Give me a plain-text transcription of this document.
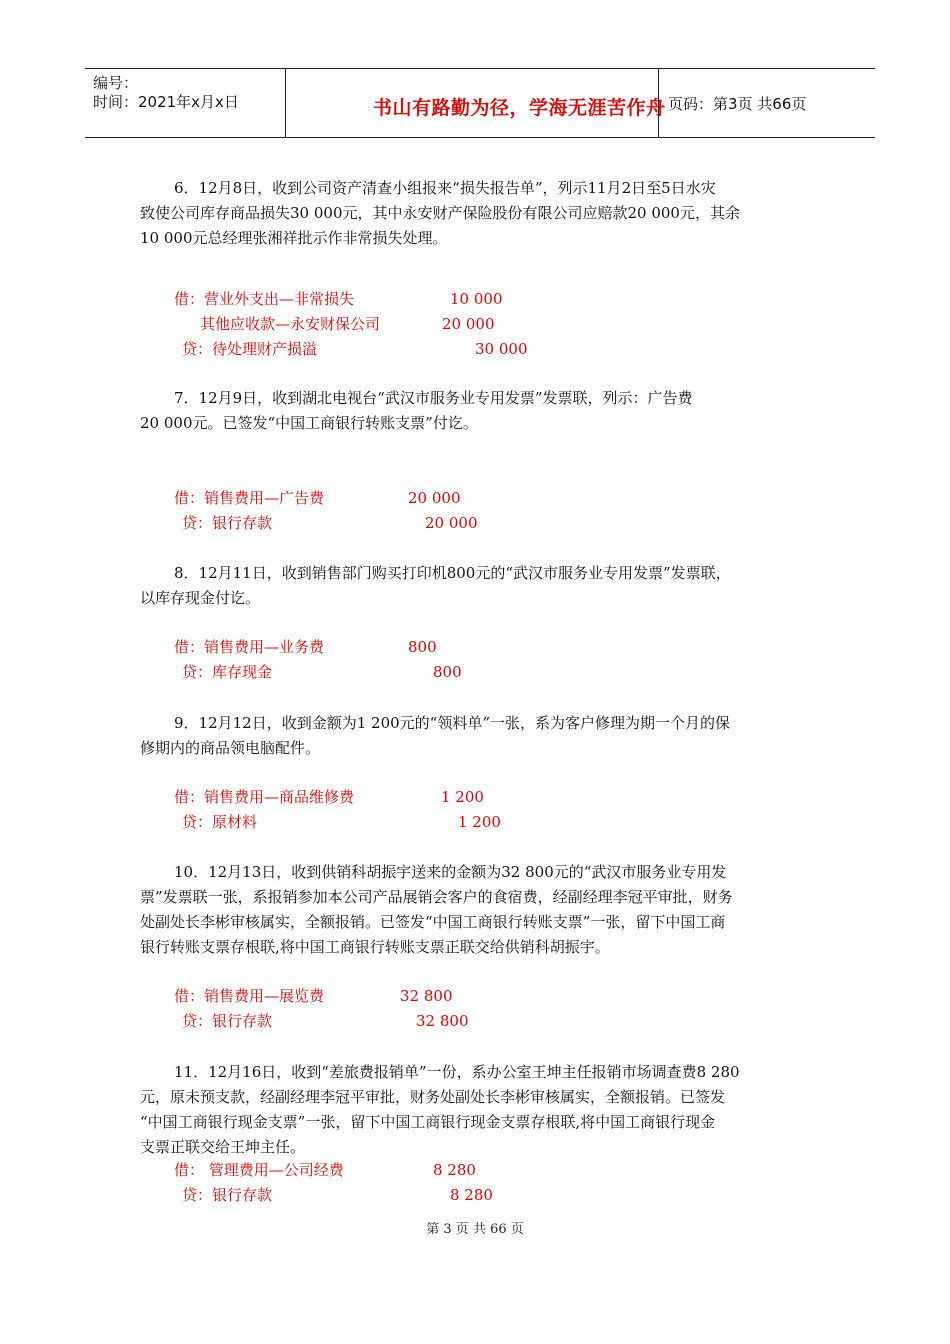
编号：
时间：2021年x月x日	书山有路勤为径，学海无涯苦作舟 页码：第3页 共66页
6．12月8日，收到公司资产清查小组报来“损失报告单”，列示11月2日至5日水灾
致使公司库存商品损失30 000元，其中永安财产保险股份有限公司应赔款20 000元，其余
10 000元总经理张湘祥批示作非常损失处理。
借：营业外支出—非常损失	10 000
其他应收款—永安财保公司	20 000
贷：待处理财产损溢	30 000
7．12月9日，收到湖北电视台“武汉市服务业专用发票”发票联，列示：广告费
20 000元。已签发“中国工商银行转账支票”付讫。
借：销售费用—广告费	20 000
贷：银行存款	20 000
8．12月11日，收到销售部门购买打印机800元的“武汉市服务业专用发票”发票联，
以库存现金付讫。
借：销售费用—业务费	800
贷：库存现金	800
9．12月12日，收到金额为1 200元的“领料单”一张，系为客户修理为期一个月的保
修期内的商品领电脑配件。
借：销售费用—商品维修费	1 200
贷：原材料	1 200
10．12月13日，收到供销科胡振宇送来的金额为32 800元的“武汉市服务业专用发
票”发票联一张，系报销参加本公司产品展销会客户的食宿费，经副经理李冠平审批，财务
处副处长李彬审核属实，全额报销。已签发“中国工商银行转账支票”一张，留下中国工商
银行转账支票存根联,将中国工商银行转账支票正联交给供销科胡振宇。
借：销售费用—展览费	32 800
贷：银行存款	32 800
11．12月16日，收到“差旅费报销单”一份，系办公室王坤主任报销市场调查费8 280
元，原未预支款，经副经理李冠平审批，财务处副处长李彬审核属实，全额报销。已签发
“中国工商银行现金支票”一张，留下中国工商银行现金支票存根联,将中国工商银行现金
支票正联交给王坤主任。
借： 管理费用—公司经费	8 280
贷：银行存款	8 280
第 3 页 共 66 页
